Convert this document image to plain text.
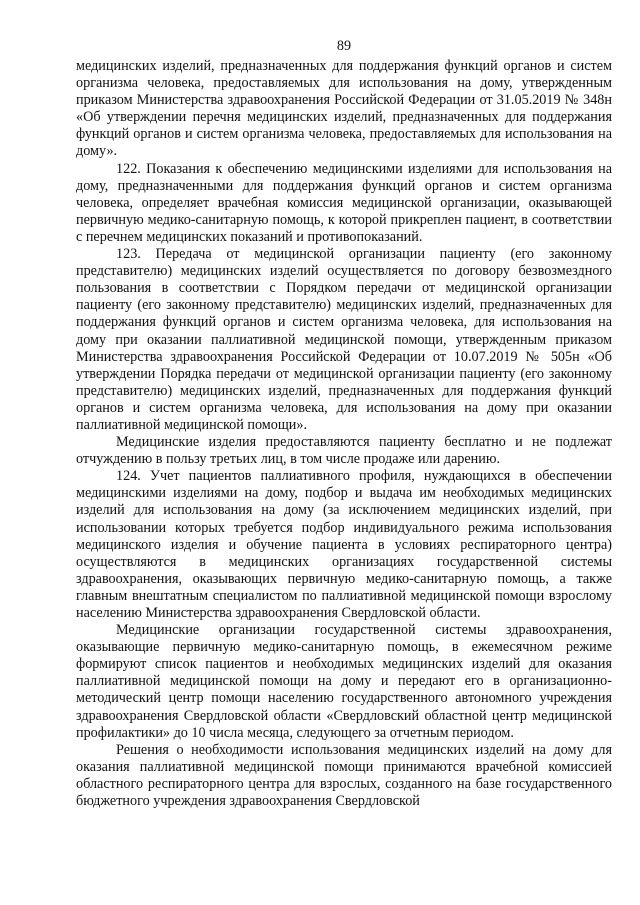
89

медицинских изделий, предназначенных для поддержания функций органов и систем организма человека, предоставляемых для использования на дому, утвержденным приказом Министерства здравоохранения Российской Федерации от 31.05.2019 № 348н «Об утверждении перечня медицинских изделий, предназначенных для поддержания функций органов и систем организма человека, предоставляемых для использования на дому».

122. Показания к обеспечению медицинскими изделиями для использования на дому, предназначенными для поддержания функций органов и систем организма человека, определяет врачебная комиссия медицинской организации, оказывающей первичную медико-санитарную помощь, к которой прикреплен пациент, в соответствии с перечнем медицинских показаний и противопоказаний.

123. Передача от медицинской организации пациенту (его законному представителю) медицинских изделий осуществляется по договору безвозмездного пользования в соответствии с Порядком передачи от медицинской организации пациенту (его законному представителю) медицинских изделий, предназначенных для поддержания функций органов и систем организма человека, для использования на дому при оказании паллиативной медицинской помощи, утвержденным приказом Министерства здравоохранения Российской Федерации от 10.07.2019 № 505н «Об утверждении Порядка передачи от медицинской организации пациенту (его законному представителю) медицинских изделий, предназначенных для поддержания функций органов и систем организма человека, для использования на дому при оказании паллиативной медицинской помощи».

Медицинские изделия предоставляются пациенту бесплатно и не подлежат отчуждению в пользу третьих лиц, в том числе продаже или дарению.

124. Учет пациентов паллиативного профиля, нуждающихся в обеспечении медицинскими изделиями на дому, подбор и выдача им необходимых медицинских изделий для использования на дому (за исключением медицинских изделий, при использовании которых требуется подбор индивидуального режима использования медицинского изделия и обучение пациента в условиях респираторного центра) осуществляются в медицинских организациях государственной системы здравоохранения, оказывающих первичную медико-санитарную помощь, а также главным внештатным специалистом по паллиативной медицинской помощи взрослому населению Министерства здравоохранения Свердловской области.

Медицинские организации государственной системы здравоохранения, оказывающие первичную медико-санитарную помощь, в ежемесячном режиме формируют список пациентов и необходимых медицинских изделий для оказания паллиативной медицинской помощи на дому и передают его в организационно-методический центр помощи населению государственного автономного учреждения здравоохранения Свердловской области «Свердловский областной центр медицинской профилактики» до 10 числа месяца, следующего за отчетным периодом.

Решения о необходимости использования медицинских изделий на дому для оказания паллиативной медицинской помощи принимаются врачебной комиссией областного респираторного центра для взрослых, созданного на базе государственного бюджетного учреждения здравоохранения Свердловской
